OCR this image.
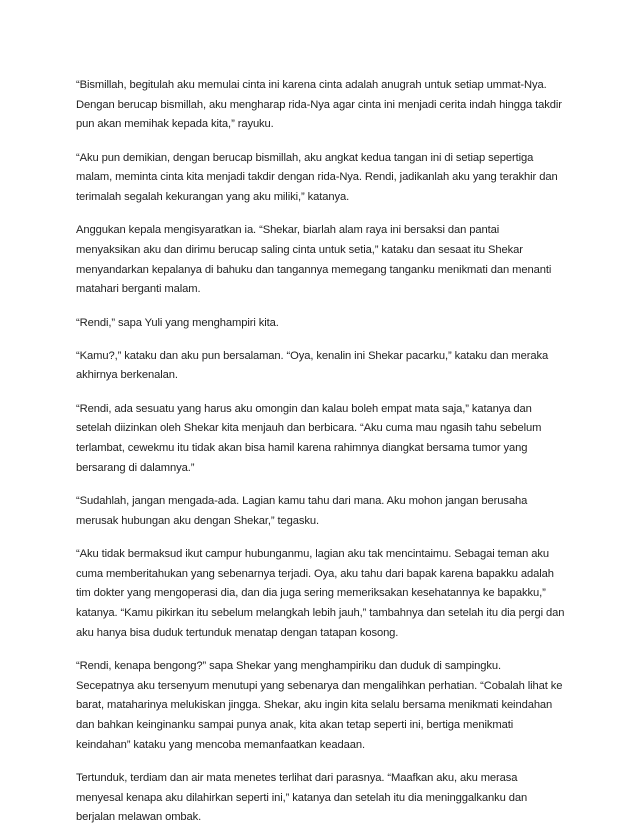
“Bismillah, begitulah aku memulai cinta ini karena cinta adalah anugrah untuk setiap ummat-Nya.
Dengan berucap bismillah, aku mengharap rida-Nya agar cinta ini menjadi cerita indah hingga takdir
pun akan memihak kepada kita,” rayuku.

“Aku pun demikian, dengan berucap bismillah, aku angkat kedua tangan ini di setiap sepertiga
malam, meminta cinta kita menjadi takdir dengan rida-Nya. Rendi, jadikanlah aku yang terakhir dan
terimalah segalah kekurangan yang aku miliki,” katanya.

Anggukan kepala mengisyaratkan ia. “Shekar, biarlah alam raya ini bersaksi dan pantai
menyaksikan aku dan dirimu berucap saling cinta untuk setia,” kataku dan sesaat itu Shekar
menyandarkan kepalanya di bahuku dan tangannya memegang tanganku menikmati dan menanti
matahari berganti malam.

“Rendi,” sapa Yuli yang menghampiri kita.

“Kamu?,” kataku dan aku pun bersalaman. “Oya, kenalin ini Shekar pacarku,” kataku dan meraka
akhirnya berkenalan.

“Rendi, ada sesuatu yang harus aku omongin dan kalau boleh empat mata saja,” katanya dan
setelah diizinkan oleh Shekar kita menjauh dan berbicara. “Aku cuma mau ngasih tahu sebelum
terlambat, cewekmu itu tidak akan bisa hamil karena rahimnya diangkat bersama tumor yang
bersarang di dalamnya.”

“Sudahlah, jangan mengada-ada. Lagian kamu tahu dari mana. Aku mohon jangan berusaha
merusak hubungan aku dengan Shekar,” tegasku.

“Aku tidak bermaksud ikut campur hubunganmu, lagian aku tak mencintaimu. Sebagai teman aku
cuma memberitahukan yang sebenarnya terjadi. Oya, aku tahu dari bapak karena bapakku adalah
tim dokter yang mengoperasi dia, dan dia juga sering memeriksakan kesehatannya ke bapakku,”
katanya. “Kamu pikirkan itu sebelum melangkah lebih jauh,” tambahnya dan setelah itu dia pergi dan
aku hanya bisa duduk tertunduk menatap dengan tatapan kosong.

“Rendi, kenapa bengong?” sapa Shekar yang menghampiriku dan duduk di sampingku.
Secepatnya aku tersenyum menutupi yang sebenarya dan mengalihkan perhatian. “Cobalah lihat ke
barat, mataharinya melukiskan jingga. Shekar, aku ingin kita selalu bersama menikmati keindahan
dan bahkan keinginanku sampai punya anak, kita akan tetap seperti ini, bertiga menikmati
keindahan” kataku yang mencoba memanfaatkan keadaan.

Tertunduk, terdiam dan air mata menetes terlihat dari parasnya. “Maafkan aku, aku merasa
menyesal kenapa aku dilahirkan seperti ini,” katanya dan setelah itu dia meninggalkanku dan
berjalan melawan ombak.
